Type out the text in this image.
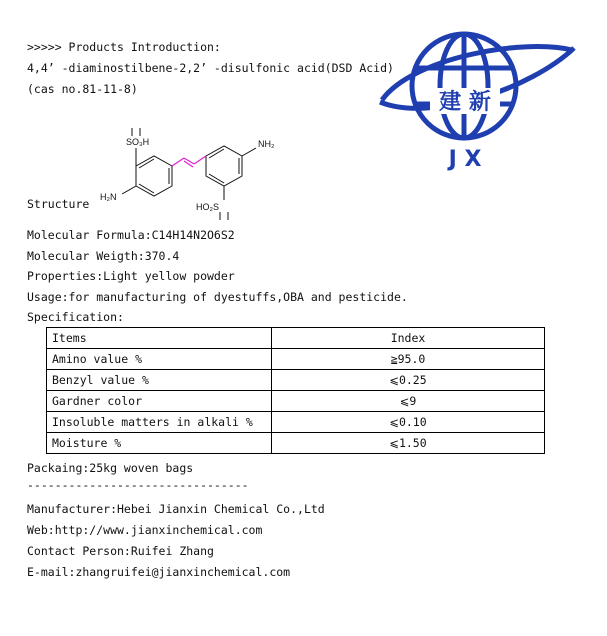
>>>>> Products Introduction:
4,4’ -diaminostilbene-2,2’ -disulfonic acid(DSD Acid)
(cas no.81-11-8)
建 新
J X
SO₃H	NH₂
H₂N
HO₂S
Structure
Molecular Formula:C14H14N2O6S2
Molecular Weigth:370.4
Properties:Light yellow powder
Usage:for manufacturing of dyestuffs,OBA and pesticide.
Specification:
Items	Index
Amino value %	≧95.0
Benzyl value %	⩽0.25
Gardner color	⩽9
Insoluble matters in alkali %	⩽0.10
Moisture %	⩽1.50
Packaing:25kg woven bags
--------------------------------
Manufacturer:Hebei Jianxin Chemical Co.,Ltd
Web:http://www.jianxinchemical.com
Contact Person:Ruifei Zhang
E-mail:zhangruifei@jianxinchemical.com
